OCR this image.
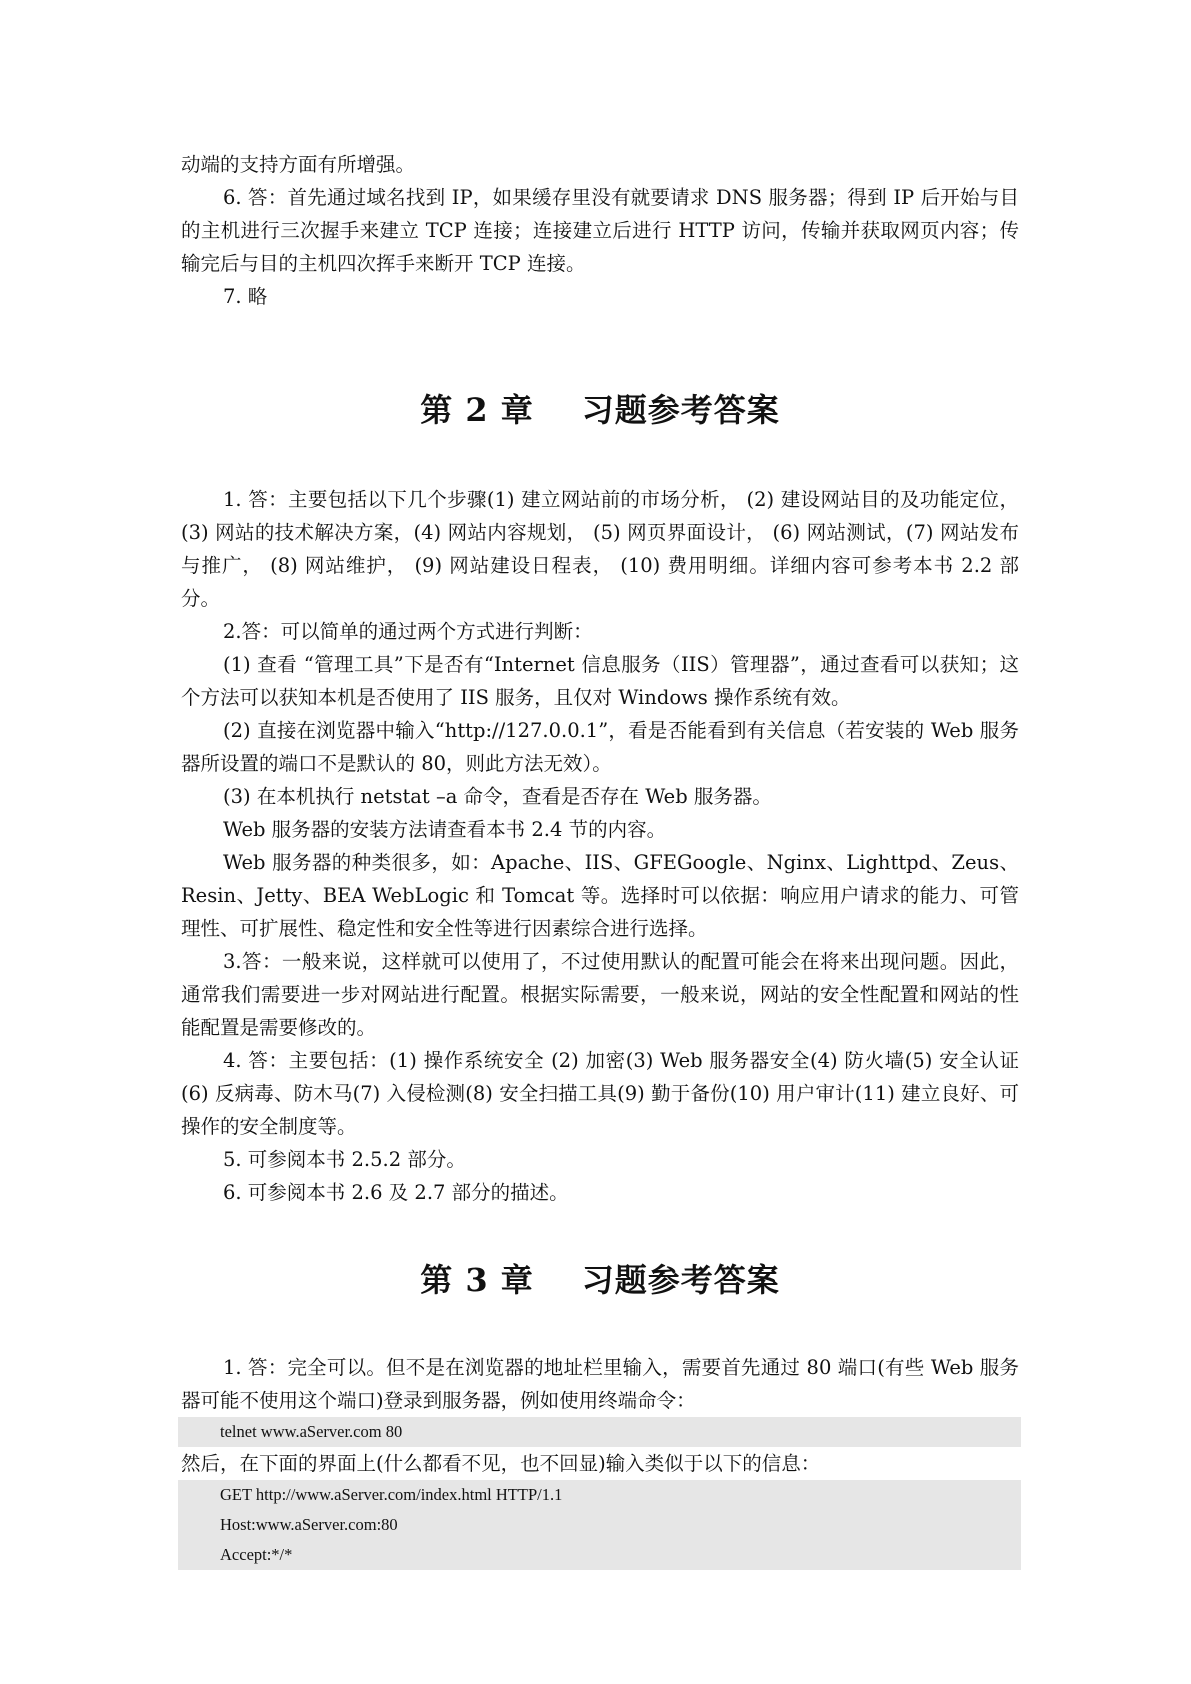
动端的支持方面有所增强。

6. 答：首先通过域名找到 IP，如果缓存里没有就要请求 DNS 服务器；得到 IP 后开始与目的主机进行三次握手来建立 TCP 连接；连接建立后进行 HTTP 访问，传输并获取网页内容；传输完后与目的主机四次挥手来断开 TCP 连接。

7. 略

第 2 章 习题参考答案

1. 答：主要包括以下几个步骤(1) 建立网站前的市场分析， (2) 建设网站目的及功能定位，(3) 网站的技术解决方案，(4) 网站内容规划， (5) 网页界面设计， (6) 网站测试，(7) 网站发布与推广， (8) 网站维护， (9) 网站建设日程表， (10) 费用明细。详细内容可参考本书 2.2 部分。

2.答：可以简单的通过两个方式进行判断：

(1) 查看 “管理工具”下是否有“Internet 信息服务（IIS）管理器”，通过查看可以获知；这个方法可以获知本机是否使用了 IIS 服务，且仅对 Windows 操作系统有效。

(2) 直接在浏览器中输入“http://127.0.0.1”，看是否能看到有关信息（若安装的 Web 服务器所设置的端口不是默认的 80，则此方法无效）。

(3) 在本机执行 netstat –a 命令，查看是否存在 Web 服务器。

Web 服务器的安装方法请查看本书 2.4 节的内容。

Web 服务器的种类很多，如：Apache、IIS、GFEGoogle、Nginx、Lighttpd、Zeus、Resin、Jetty、BEA WebLogic 和 Tomcat 等。选择时可以依据：响应用户请求的能力、可管理性、可扩展性、稳定性和安全性等进行因素综合进行选择。

3.答：一般来说，这样就可以使用了，不过使用默认的配置可能会在将来出现问题。因此，通常我们需要进一步对网站进行配置。根据实际需要，一般来说，网站的安全性配置和网站的性能配置是需要修改的。

4. 答：主要包括：(1) 操作系统安全 (2) 加密(3) Web 服务器安全(4) 防火墙(5) 安全认证(6) 反病毒、防木马(7) 入侵检测(8) 安全扫描工具(9) 勤于备份(10) 用户审计(11) 建立良好、可操作的安全制度等。

5. 可参阅本书 2.5.2 部分。

6. 可参阅本书 2.6 及 2.7 部分的描述。

第 3 章 习题参考答案

1. 答：完全可以。但不是在浏览器的地址栏里输入，需要首先通过 80 端口(有些 Web 服务器可能不使用这个端口)登录到服务器，例如使用终端命令：

telnet www.aServer.com 80

然后，在下面的界面上(什么都看不见，也不回显)输入类似于以下的信息：

GET http://www.aServer.com/index.html HTTP/1.1
Host:www.aServer.com:80
Accept:*/*
